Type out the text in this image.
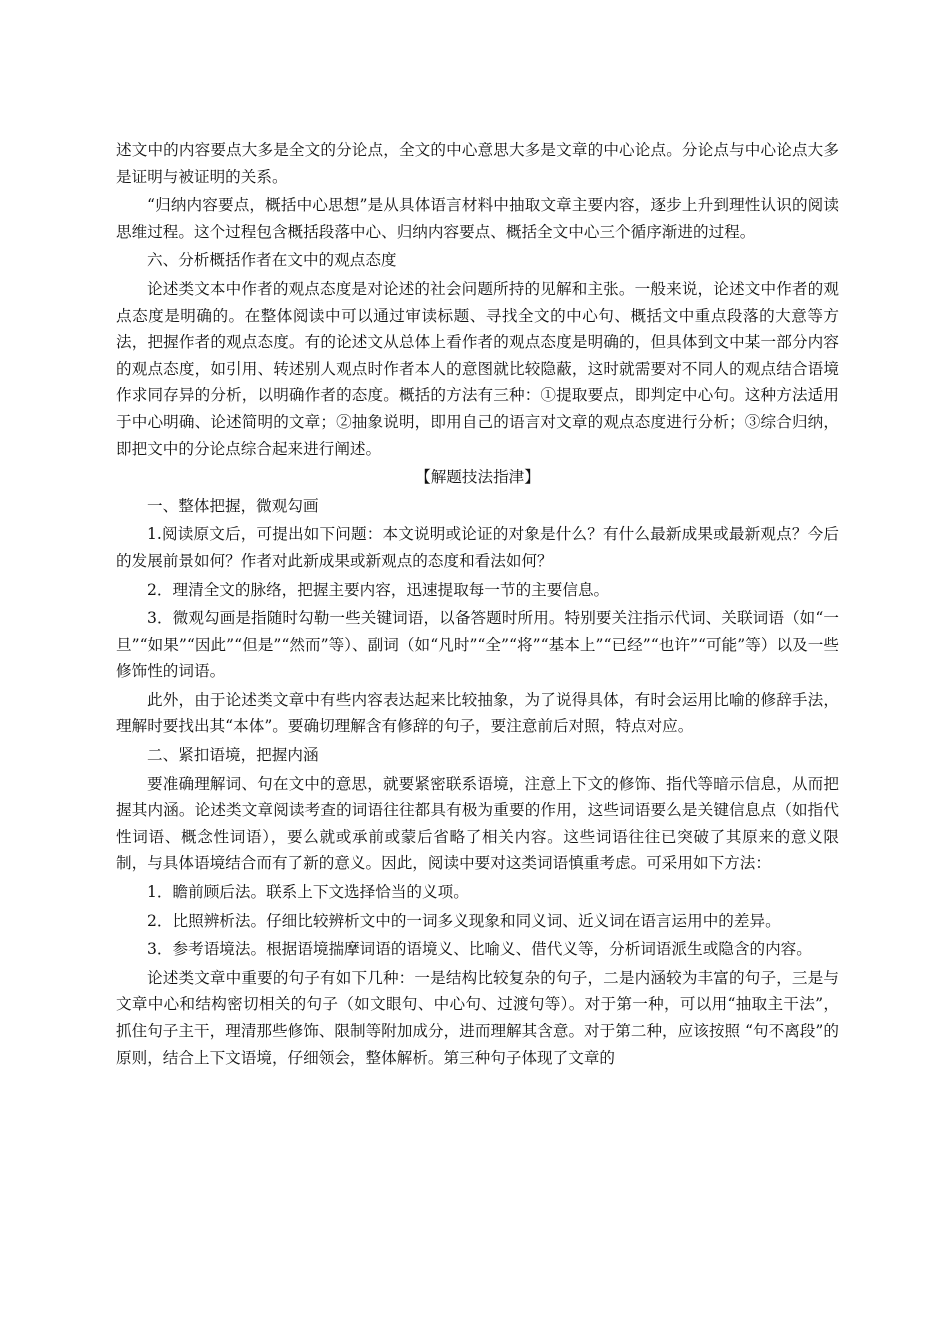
述文中的内容要点大多是全文的分论点，全文的中心意思大多是文章的中心论点。分论点与中心论点大多是证明与被证明的关系。

“归纳内容要点，概括中心思想”是从具体语言材料中抽取文章主要内容，逐步上升到理性认识的阅读思维过程。这个过程包含概括段落中心、归纳内容要点、概括全文中心三个循序渐进的过程。

六、分析概括作者在文中的观点态度

论述类文本中作者的观点态度是对论述的社会问题所持的见解和主张。一般来说，论述文中作者的观点态度是明确的。在整体阅读中可以通过审读标题、寻找全文的中心句、概括文中重点段落的大意等方法，把握作者的观点态度。有的论述文从总体上看作者的观点态度是明确的，但具体到文中某一部分内容的观点态度，如引用、转述别人观点时作者本人的意图就比较隐蔽，这时就需要对不同人的观点结合语境作求同存异的分析，以明确作者的态度。概括的方法有三种：①提取要点，即判定中心句。这种方法适用于中心明确、论述简明的文章；②抽象说明，即用自己的语言对文章的观点态度进行分析；③综合归纳，即把文中的分论点综合起来进行阐述。

【解题技法指津】

一、整体把握，微观勾画

1.阅读原文后，可提出如下问题：本文说明或论证的对象是什么？有什么最新成果或最新观点？今后的发展前景如何？作者对此新成果或新观点的态度和看法如何？

2．理清全文的脉络，把握主要内容，迅速提取每一节的主要信息。

3．微观勾画是指随时勾勒一些关键词语，以备答题时所用。特别要关注指示代词、关联词语（如“一旦”“如果”“因此”“但是”“然而”等）、副词（如“凡时”“全”“将”“基本上”“已经”“也许”“可能”等）以及一些修饰性的词语。

此外，由于论述类文章中有些内容表达起来比较抽象，为了说得具体，有时会运用比喻的修辞手法，理解时要找出其“本体”。要确切理解含有修辞的句子，要注意前后对照，特点对应。

二、紧扣语境，把握内涵

要准确理解词、句在文中的意思，就要紧密联系语境，注意上下文的修饰、指代等暗示信息，从而把握其内涵。论述类文章阅读考查的词语往往都具有极为重要的作用，这些词语要么是关键信息点（如指代性词语、概念性词语），要么就或承前或蒙后省略了相关内容。这些词语往往已突破了其原来的意义限制，与具体语境结合而有了新的意义。因此，阅读中要对这类词语慎重考虑。可采用如下方法：

1．瞻前顾后法。联系上下文选择恰当的义项。

2．比照辨析法。仔细比较辨析文中的一词多义现象和同义词、近义词在语言运用中的差异。

3．参考语境法。根据语境揣摩词语的语境义、比喻义、借代义等，分析词语派生或隐含的内容。

论述类文章中重要的句子有如下几种：一是结构比较复杂的句子，二是内涵较为丰富的句子，三是与文章中心和结构密切相关的句子（如文眼句、中心句、过渡句等）。对于第一种，可以用“抽取主干法”，抓住句子主干，理清那些修饰、限制等附加成分，进而理解其含意。对于第二种，应该按照 “句不离段”的原则，结合上下文语境，仔细领会，整体解析。第三种句子体现了文章的
